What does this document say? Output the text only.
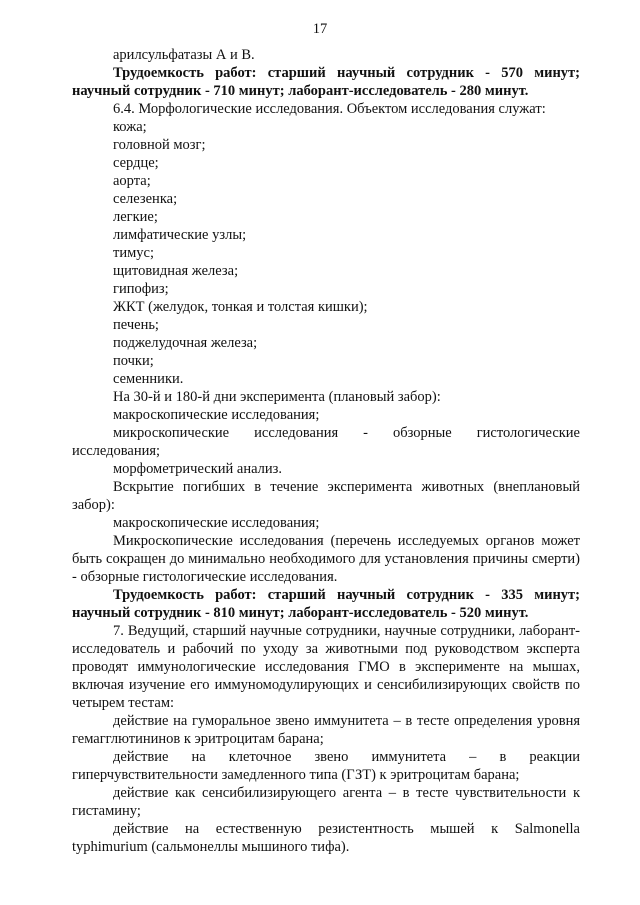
17

арилсульфатазы А и В.

Трудоемкость работ: старший научный сотрудник - 570 минут; научный сотрудник - 710 минут; лаборант-исследователь - 280 минут.

6.4. Морфологические исследования. Объектом исследования служат:

кожа;

головной мозг;

сердце;

аорта;

селезенка;

легкие;

лимфатические узлы;

тимус;

щитовидная железа;

гипофиз;

ЖКТ (желудок, тонкая и толстая кишки);

печень;

поджелудочная железа;

почки;

семенники.

На 30-й и 180-й дни эксперимента (плановый забор):

макроскопические исследования;

микроскопические исследования - обзорные гистологические исследования;

морфометрический анализ.

Вскрытие погибших в течение эксперимента животных (внеплановый забор):

макроскопические исследования;

Микроскопические исследования (перечень исследуемых органов может быть сокращен до минимально необходимого для установления причины смерти) - обзорные гистологические исследования.

Трудоемкость работ: старший научный сотрудник - 335 минут; научный сотрудник - 810 минут; лаборант-исследователь - 520 минут.

7. Ведущий, старший научные сотрудники, научные сотрудники, лаборант-исследователь и рабочий по уходу за животными под руководством эксперта проводят иммунологические исследования ГМО в эксперименте на мышах, включая изучение его иммуномодулирующих и сенсибилизирующих свойств по четырем тестам:

действие на гуморальное звено иммунитета – в тесте определения уровня гемагглютининов к эритроцитам барана;

действие на клеточное звено иммунитета – в реакции гиперчувствительности замедленного типа (ГЗТ) к эритроцитам барана;

действие как сенсибилизирующего агента – в тесте чувствительности к гистамину;

действие на естественную резистентность мышей к Salmonella typhimurium (сальмонеллы мышиного тифа).
